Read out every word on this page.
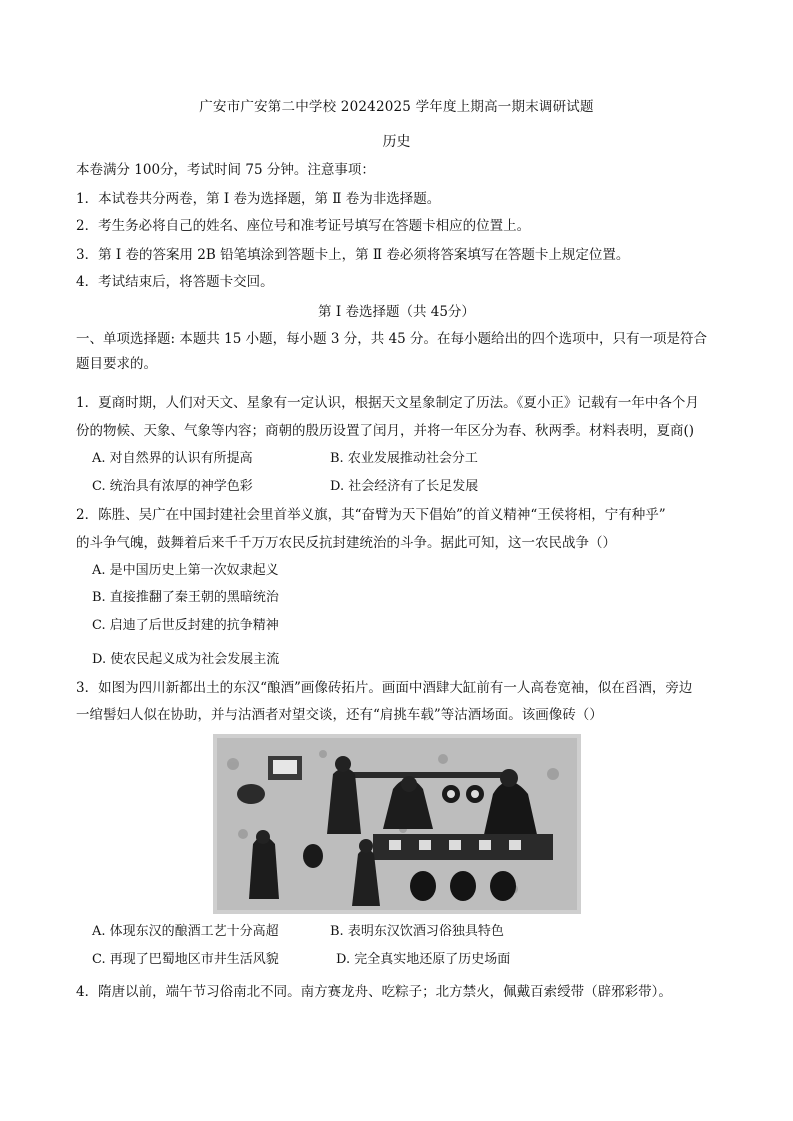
广安市广安第二中学校 20242025 学年度上期高一期末调研试题
历史
本卷满分 100分，考试时间 75 分钟。注意事项：
1．本试卷共分两卷，第 Ⅰ 卷为选择题，第 Ⅱ 卷为非选择题。
2．考生务必将自己的姓名、座位号和准考证号填写在答题卡相应的位置上。
3．第 Ⅰ 卷的答案用 2B 铅笔填涂到答题卡上，第 Ⅱ 卷必须将答案填写在答题卡上规定位置。
4．考试结束后，将答题卡交回。
第 Ⅰ 卷选择题（共 45分）
一、单项选择题: 本题共 15 小题，每小题 3 分，共 45 分。在每小题给出的四个选项中，只有一项是符合
题目要求的。
1．夏商时期，人们对天文、星象有一定认识，根据天文星象制定了历法。《夏小正》记载有一年中各个月
份的物候、天象、气象等内容；商朝的殷历设置了闰月，并将一年区分为春、秋两季。材料表明，夏商()
A. 对自然界的认识有所提高	B. 农业发展推动社会分工
C. 统治具有浓厚的神学色彩	D. 社会经济有了长足发展
2．陈胜、吴广在中国封建社会里首举义旗，其“奋臂为天下倡始”的首义精神“王侯将相，宁有种乎”
的斗争气魄，鼓舞着后来千千万万农民反抗封建统治的斗争。据此可知，这一农民战争（）
A. 是中国历史上第一次奴隶起义
B. 直接推翻了秦王朝的黑暗统治
C. 启迪了后世反封建的抗争精神
D. 使农民起义成为社会发展主流
3．如图为四川新都出土的东汉“酿酒”画像砖拓片。画面中酒肆大缸前有一人高卷宽袖，似在舀酒，旁边
一绾髻妇人似在协助，并与沽酒者对望交谈，还有“肩挑车载”等沽酒场面。该画像砖（）
A. 体现东汉的酿酒工艺十分高超	B. 表明东汉饮酒习俗独具特色
C. 再现了巴蜀地区市井生活风貌	D. 完全真实地还原了历史场面
4．隋唐以前，端午节习俗南北不同。南方赛龙舟、吃粽子；北方禁火，佩戴百索绶带（辟邪彩带）。
